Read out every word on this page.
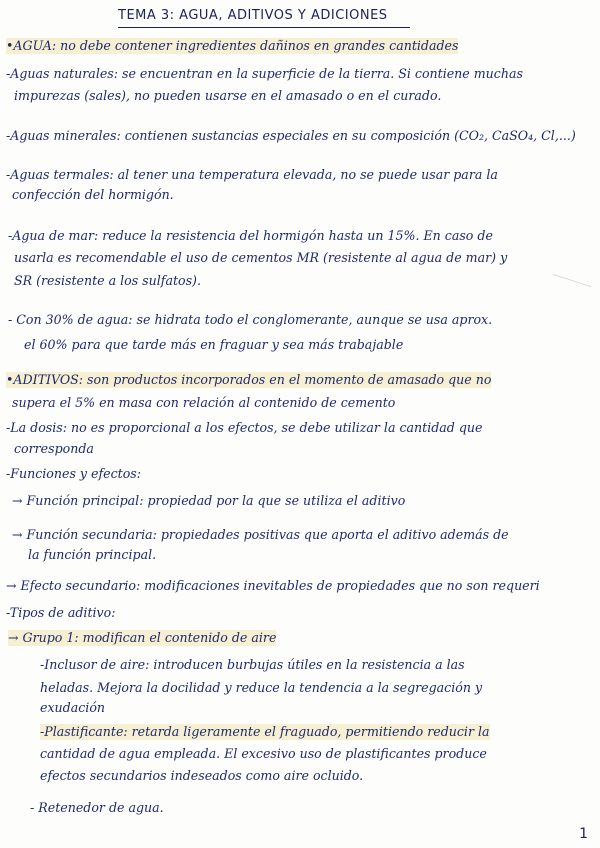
TEMA 3: AGUA, ADITIVOS Y ADICIONES
•AGUA: no debe contener ingredientes dañinos en grandes cantidades
-Aguas naturales: se encuentran en la superficie de la tierra. Si contiene muchas
impurezas (sales), no pueden usarse en el amasado o en el curado.
-Aguas minerales: contienen sustancias especiales en su composición (CO₂, CaSO₄, Cl,...)
-Aguas termales: al tener una temperatura elevada, no se puede usar para la
confección del hormigón.
-Agua de mar: reduce la resistencia del hormigón hasta un 15%. En caso de
usarla es recomendable el uso de cementos MR (resistente al agua de mar) y
SR (resistente a los sulfatos).
- Con 30% de agua: se hidrata todo el conglomerante, aunque se usa aprox.
el 60% para que tarde más en fraguar y sea más trabajable
•ADITIVOS: son productos incorporados en el momento de amasado que no
supera el 5% en masa con relación al contenido de cemento
-La dosis: no es proporcional a los efectos, se debe utilizar la cantidad que
corresponda
-Funciones y efectos:
→ Función principal: propiedad por la que se utiliza el aditivo
→ Función secundaria: propiedades positivas que aporta el aditivo además de
la función principal.
→ Efecto secundario: modificaciones inevitables de propiedades que no son requeri
-Tipos de aditivo:
→ Grupo 1: modifican el contenido de aire
-Inclusor de aire: introducen burbujas útiles en la resistencia a las
heladas. Mejora la docilidad y reduce la tendencia a la segregación y
exudación
-Plastificante: retarda ligeramente el fraguado, permitiendo reducir la
cantidad de agua empleada. El excesivo uso de plastificantes produce
efectos secundarios indeseados como aire ocluido.
- Retenedor de agua.
1
